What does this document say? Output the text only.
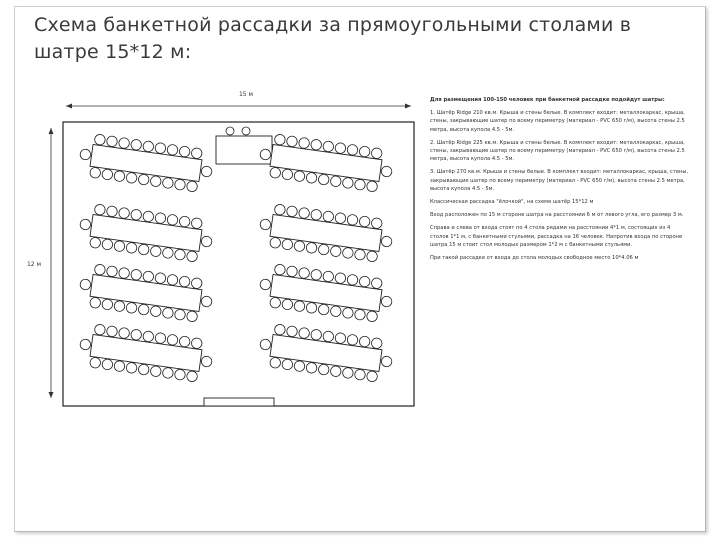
Схема банкетной рассадки за прямоугольными столами в
шатре 15*12 м:
15 м
12 м

Для размещения 100-150 человек при банкетной рассадке подойдут шатры:

1. Шатёр Ridge 210 кв.м. Крыша и стены белые. В комплект входит: металлокаркас, крыша, стены, закрывающие шатер по всему периметру (материал - PVC 650 г/м), высота стены 2.5 метра, высота купола 4.5 - 5м.

2. Шатёр Ridge 225 кв.м. Крыша и стены белые. В комплект входит: металлокаркас, крыша, стены, закрывающие шатер по всему периметру (материал - PVC 650 г/м), высота стены 2.5 метра, высота купола 4.5 - 5м.

3. Шатёр 270 кв.м. Крыша и стены белые. В комплект входит: металлокаркас, крыша, стены, закрывающие шатер по всему периметру (материал - PVC 650 г/м), высота стены 2.5 метра, высота купола 4.5 - 5м.

Классическая рассадка "ёлочкой", на схеме шатёр 15*12 м

Вход расположен по 15 м стороне шатра на расстоянии 6 м от левого угла, его размер 3 м.

Справа и слева от входа стоят по 4 стола рядами на расстоянии 4*1 м, состоящих из 4 столов 1*1 м, с банкетными стульями, рассадка на 16 человек. Напротив входа по стороне шатра 15 м стоит стол молодых размером 1*2 м с банкетными стульями.

При такой рассадке от входа до стола молодых свободное место 10*4.06 м
